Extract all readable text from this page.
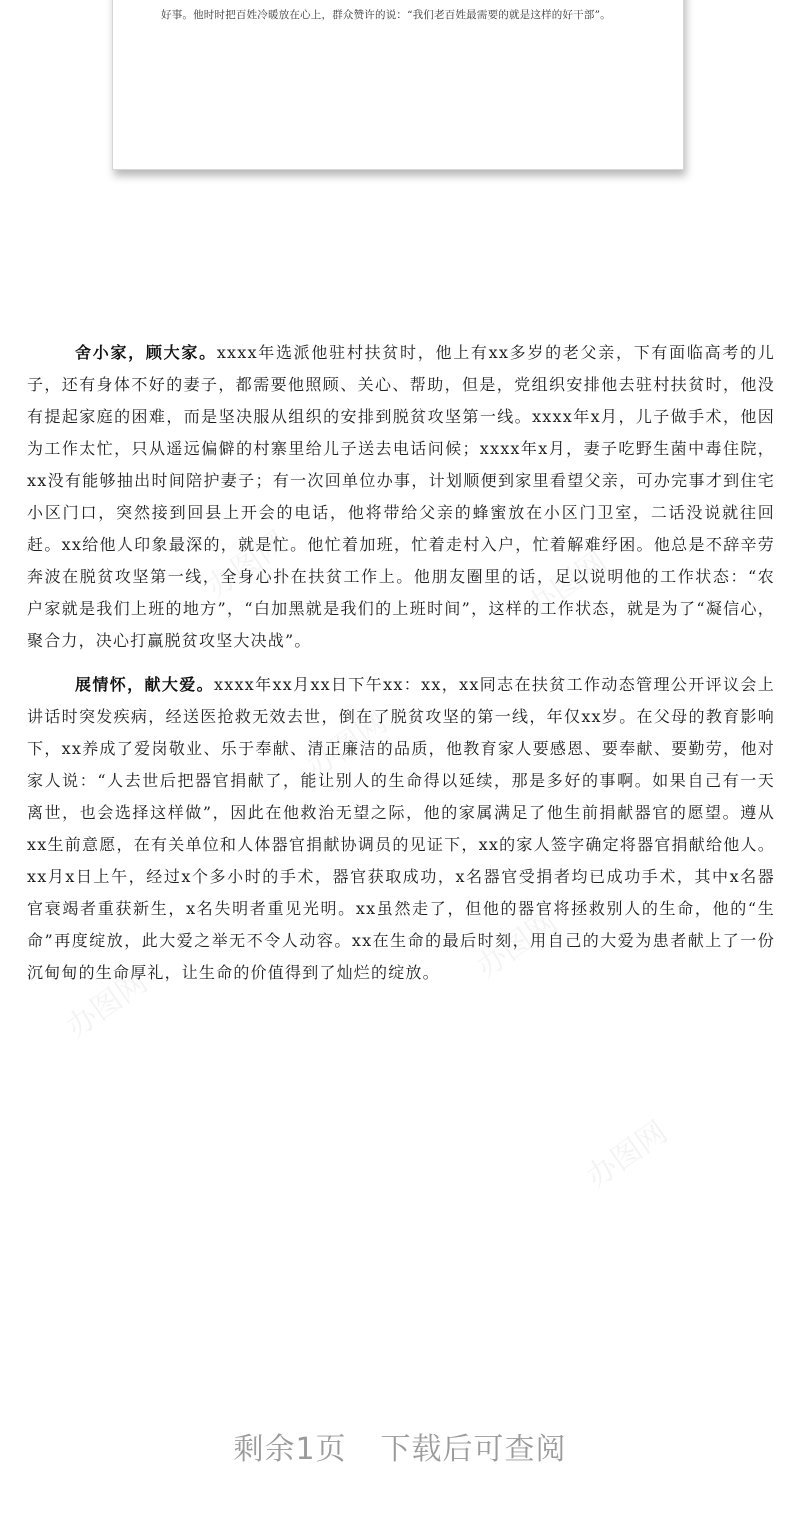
办图网
办图网
办图网
办图网
办图网
办图网
好事。他时时把百姓冷暖放在心上，群众赞许的说：“我们老百姓最需要的就是这样的好干部”。

舍小家，顾大家。xxxx年选派他驻村扶贫时，他上有xx多岁的老父亲，下有面临高考的儿子，还有身体不好的妻子，都需要他照顾、关心、帮助，但是，党组织安排他去驻村扶贫时，他没有提起家庭的困难，而是坚决服从组织的安排到脱贫攻坚第一线。xxxx年x月，儿子做手术，他因为工作太忙，只从遥远偏僻的村寨里给儿子送去电话问候；xxxx年x月，妻子吃野生菌中毒住院，xx没有能够抽出时间陪护妻子；有一次回单位办事，计划顺便到家里看望父亲，可办完事才到住宅小区门口，突然接到回县上开会的电话，他将带给父亲的蜂蜜放在小区门卫室，二话没说就往回赶。xx给他人印象最深的，就是忙。他忙着加班，忙着走村入户，忙着解难纾困。他总是不辞辛劳奔波在脱贫攻坚第一线，全身心扑在扶贫工作上。他朋友圈里的话，足以说明他的工作状态：“农户家就是我们上班的地方”，“白加黑就是我们的上班时间”，这样的工作状态，就是为了“凝信心，聚合力，决心打赢脱贫攻坚大决战”。

展情怀，献大爱。xxxx年xx月xx日下午xx：xx，xx同志在扶贫工作动态管理公开评议会上讲话时突发疾病，经送医抢救无效去世，倒在了脱贫攻坚的第一线，年仅xx岁。在父母的教育影响下，xx养成了爱岗敬业、乐于奉献、清正廉洁的品质，他教育家人要感恩、要奉献、要勤劳，他对家人说：“人去世后把器官捐献了，能让别人的生命得以延续，那是多好的事啊。如果自己有一天离世，也会选择这样做”，因此在他救治无望之际，他的家属满足了他生前捐献器官的愿望。遵从xx生前意愿，在有关单位和人体器官捐献协调员的见证下，xx的家人签字确定将器官捐献给他人。xx月x日上午，经过x个多小时的手术，器官获取成功，x名器官受捐者均已成功手术，其中x名器官衰竭者重获新生，x名失明者重见光明。xx虽然走了，但他的器官将拯救别人的生命，他的“生命”再度绽放，此大爱之举无不令人动容。xx在生命的最后时刻，用自己的大爱为患者献上了一份沉甸甸的生命厚礼，让生命的价值得到了灿烂的绽放。

剩余1页 下载后可查阅
